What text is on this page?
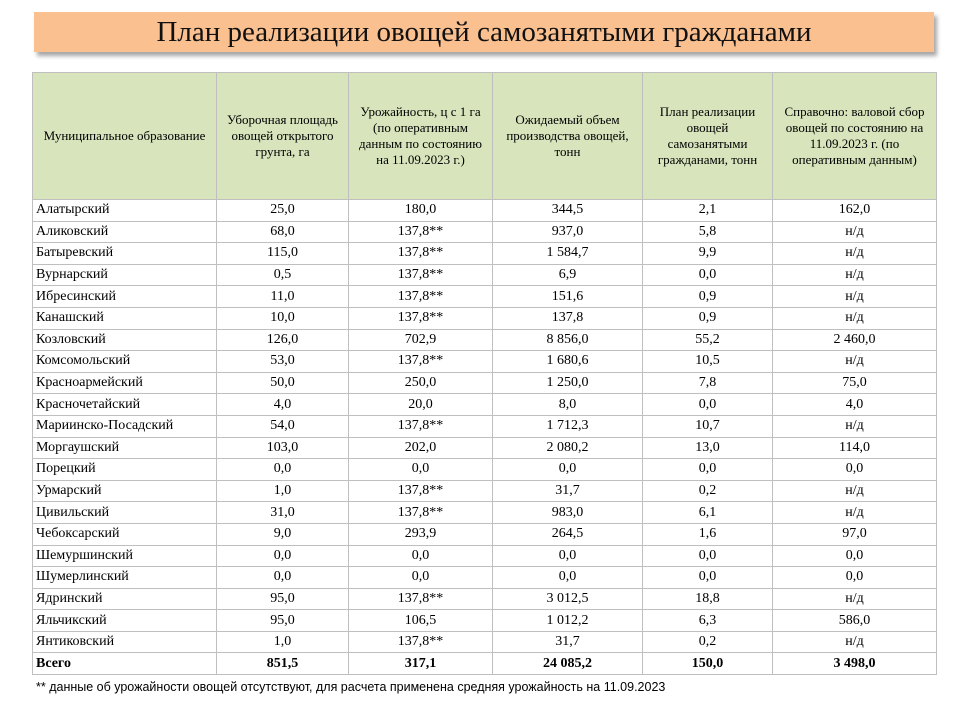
План реализации овощей самозанятыми гражданами
Муниципальное образование	Уборочная площадь овощей открытого грунта, га	Урожайность, ц с 1 га (по оперативным данным по состоянию на 11.09.2023 г.)	Ожидаемый объем производства овощей, тонн	План реализации овощей самозанятыми гражданами, тонн	Справочно: валовой сбор овощей по состоянию на 11.09.2023 г. (по оперативным данным)
Алатырский	25,0	180,0	344,5	2,1	162,0
Аликовский	68,0	137,8**	937,0	5,8	н/д
Батыревский	115,0	137,8**	1 584,7	9,9	н/д
Вурнарский	0,5	137,8**	6,9	0,0	н/д
Ибресинский	11,0	137,8**	151,6	0,9	н/д
Канашский	10,0	137,8**	137,8	0,9	н/д
Козловский	126,0	702,9	8 856,0	55,2	2 460,0
Комсомольский	53,0	137,8**	1 680,6	10,5	н/д
Красноармейский	50,0	250,0	1 250,0	7,8	75,0
Красночетайский	4,0	20,0	8,0	0,0	4,0
Мариинско-Посадский	54,0	137,8**	1 712,3	10,7	н/д
Моргаушский	103,0	202,0	2 080,2	13,0	114,0
Порецкий	0,0	0,0	0,0	0,0	0,0
Урмарский	1,0	137,8**	31,7	0,2	н/д
Цивильский	31,0	137,8**	983,0	6,1	н/д
Чебоксарский	9,0	293,9	264,5	1,6	97,0
Шемуршинский	0,0	0,0	0,0	0,0	0,0
Шумерлинский	0,0	0,0	0,0	0,0	0,0
Ядринский	95,0	137,8**	3 012,5	18,8	н/д
Яльчикский	95,0	106,5	1 012,2	6,3	586,0
Янтиковский	1,0	137,8**	31,7	0,2	н/д
Всего	851,5	317,1	24 085,2	150,0	3 498,0
** данные об урожайности овощей отсутствуют, для расчета применена средняя урожайность на 11.09.2023
